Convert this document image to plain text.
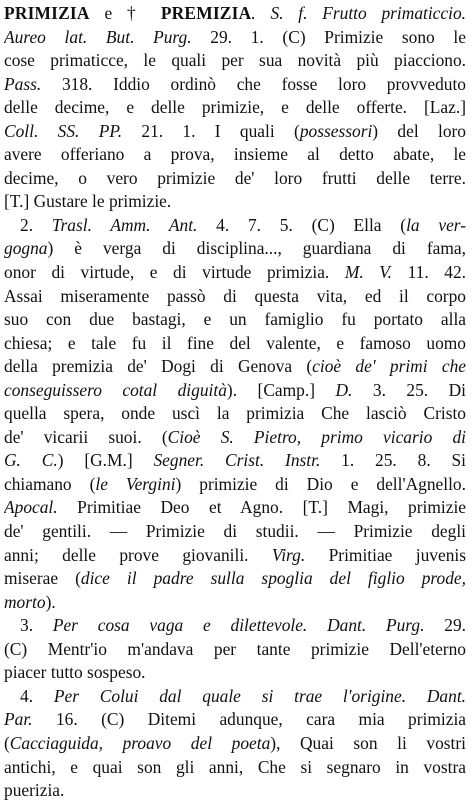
PRIMIZIA e † PREMIZIA. S. f. Frutto primaticcio.
Aureo lat. But. Purg. 29. 1. (C) Primizie sono le
cose primaticce, le quali per sua novità più piacciono.
Pass. 318. Iddio ordinò che fosse loro provveduto
delle decime, e delle primizie, e delle offerte. [Laz.]
Coll. SS. PP. 21. 1. I quali (possessori) del loro
avere offeriano a prova, insieme al detto abate, le
decime, o vero primizie de' loro frutti delle terre.
[T.] Gustare le primizie.
2. Trasl. Amm. Ant. 4. 7. 5. (C) Ella (la ver-
gogna) è verga di disciplina..., guardiana di fama,
onor di virtude, e di virtude primizia. M. V. 11. 42.
Assai miseramente passò di questa vita, ed il corpo
suo con due bastagi, e un famiglio fu portato alla
chiesa; e tale fu il fine del valente, e famoso uomo
della premizia de' Dogi di Genova (cioè de' primi che
conseguissero cotal diguità). [Camp.] D. 3. 25. Di
quella spera, onde uscì la primizia Che lasciò Cristo
de' vicarii suoi. (Cioè S. Pietro, primo vicario di
G. C.) [G.M.] Segner. Crist. Instr. 1. 25. 8. Si
chiamano (le Vergini) primizie di Dio e dell'Agnello.
Apocal. Primitiae Deo et Agno. [T.] Magi, primizie
de' gentili. — Primizie di studii. — Primizie degli
anni; delle prove giovanili. Virg. Primitiae juvenis
miserae (dice il padre sulla spoglia del figlio prode,
morto).
3. Per cosa vaga e dilettevole. Dant. Purg. 29.
(C) Mentr'io m'andava per tante primizie Dell'eterno
piacer tutto sospeso.
4. Per Colui dal quale si trae l'origine. Dant.
Par. 16. (C) Ditemi adunque, cara mia primizia
(Cacciaguida, proavo del poeta), Quai son li vostri
antichi, e quai son gli anni, Che si segnaro in vostra
puerizia.
